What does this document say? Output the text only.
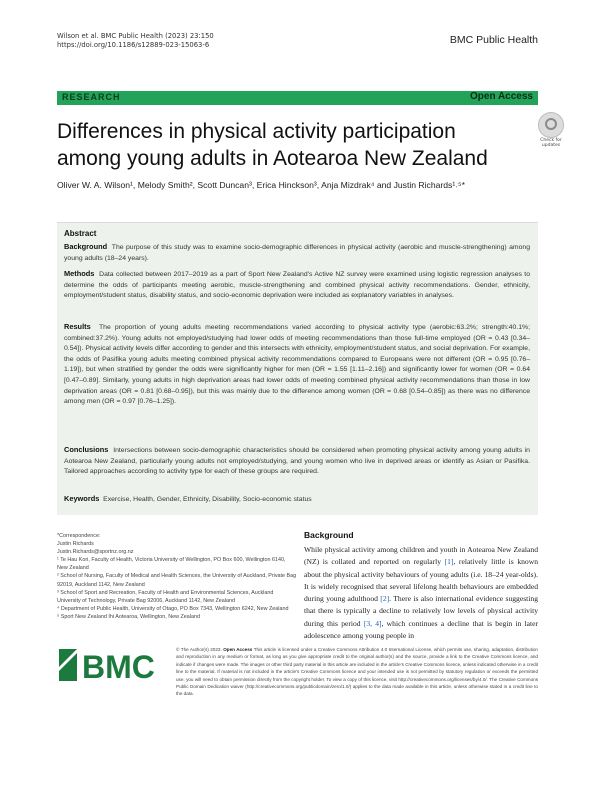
Wilson et al. BMC Public Health (2023) 23:150
https://doi.org/10.1186/s12889-023-15063-6	BMC Public Health
RESEARCH	Open Access
Differences in physical activity participation among young adults in Aotearoa New Zealand
Check for
updates
Oliver W. A. Wilson¹, Melody Smith², Scott Duncan³, Erica Hinckson³, Anja Mizdrak⁴ and Justin Richards¹˒⁵*
Abstract
Background The purpose of this study was to examine socio-demographic differences in physical activity (aerobic and muscle-strengthening) among young adults (18–24 years).
Methods Data collected between 2017–2019 as a part of Sport New Zealand's Active NZ survey were examined using logistic regression analyses to determine the odds of participants meeting aerobic, muscle-strengthening and combined physical activity recommendations. Gender, ethnicity, employment/student status, disability status, and socio-economic deprivation were included as explanatory variables in analyses.
Results The proportion of young adults meeting recommendations varied according to physical activity type (aerobic:63.2%; strength:40.1%; combined:37.2%). Young adults not employed/studying had lower odds of meeting recommendations than those full-time employed (OR = 0.43 [0.34–0.54]). Physical activity levels differ according to gender and this intersects with ethnicity, employment/student status, and social deprivation. For example, the odds of Pasifika young adults meeting combined physical activity recommendations compared to Europeans were not different (OR = 0.95 [0.76–1.19]), but when stratified by gender the odds were significantly higher for men (OR = 1.55 [1.11–2.16]) and significantly lower for women (OR = 0.64 [0.47–0.89]. Similarly, young adults in high deprivation areas had lower odds of meeting combined physical activity recommendations than those in low deprivation areas (OR = 0.81 [0.68–0.95]), but this was mainly due to the difference among women (OR = 0.68 [0.54–0.85]) as there was no difference among men (OR = 0.97 [0.76–1.25]).
Conclusions Intersections between socio-demographic characteristics should be considered when promoting physical activity among young adults in Aotearoa New Zealand, particularly young adults not employed/studying, and young women who live in deprived areas or identify as Asian or Pasifika. Tailored approaches according to activity type for each of these groups are required.
Keywords Exercise, Health, Gender, Ethnicity, Disability, Socio-economic status
*Correspondence:
Justin Richards
Justin.Richards@sportnz.org.nz
¹ Te Hau Kori, Faculty of Health, Victoria University of Wellington, PO Box 600, Wellington 6140, New Zealand
² School of Nursing, Faculty of Medical and Health Sciences, the University of Auckland, Private Bag 92019, Auckland 1142, New Zealand
³ School of Sport and Recreation, Faculty of Health and Environmental Sciences, Auckland University of Technology, Private Bag 92006, Auckland 1142, New Zealand
⁴ Department of Public Health, University of Otago, PO Box 7343, Wellington 6242, New Zealand
⁵ Sport New Zealand Ihi Aotearoa, Wellington, New Zealand
Background
While physical activity among children and youth in Aotearoa New Zealand (NZ) is collated and reported on regularly [1], relatively little is known about the physical activity behaviours of young adults (i.e. 18–24 year-olds). It is widely recognised that several lifelong health behaviours are embedded during young adulthood [2]. There is also international evidence suggesting that there is typically a decline to relatively low levels of physical activity during this period [3, 4], which continues a decline that is begin in later adolescence among young people in
BMC	© The Author(s) 2023. Open Access This article is licensed under a Creative Commons Attribution 4.0 International License, which permits use, sharing, adaptation, distribution and reproduction in any medium or format, as long as you give appropriate credit to the original author(s) and the source, provide a link to the Creative Commons licence, and indicate if changes were made. The images or other third party material in this article are included in the article's Creative Commons licence, unless indicated otherwise in a credit line to the material. If material is not included in the article's Creative Commons licence and your intended use is not permitted by statutory regulation or exceeds the permitted use, you will need to obtain permission directly from the copyright holder. To view a copy of this licence, visit http://creativecommons.org/licenses/by/4.0/. The Creative Commons Public Domain Dedication waiver (http://creativecommons.org/publicdomain/zero/1.0/) applies to the data made available in this article, unless otherwise stated in a credit line to the data.
